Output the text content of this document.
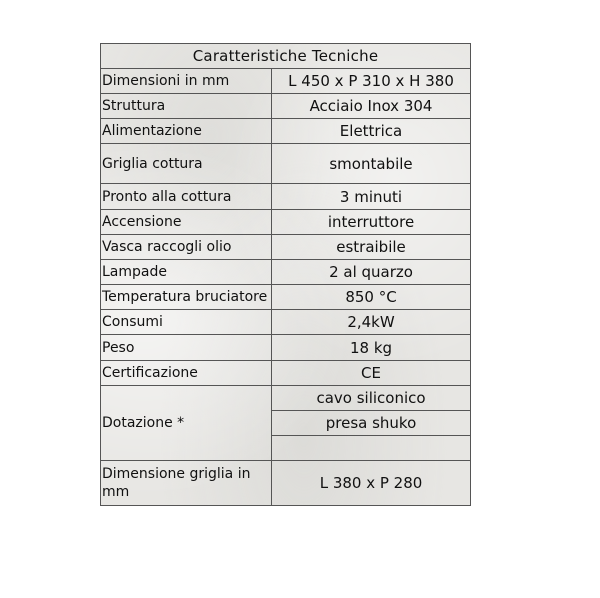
Caratteristiche Tecniche	
Dimensioni in mm	L 450 x P 310 x H 380
Struttura	Acciaio Inox 304
Alimentazione	Elettrica
Griglia cottura	smontabile
Pronto alla cottura	3 minuti
Accensione	interruttore
Vasca raccogli olio	estraibile
Lampade	2 al quarzo
Temperatura bruciatore	850 °C
Consumi	2,4kW
Peso	18 kg
Certificazione	CE
Dotazione *	cavo siliconico
	presa shuko

Dimensione griglia in mm	L 380 x P 280
